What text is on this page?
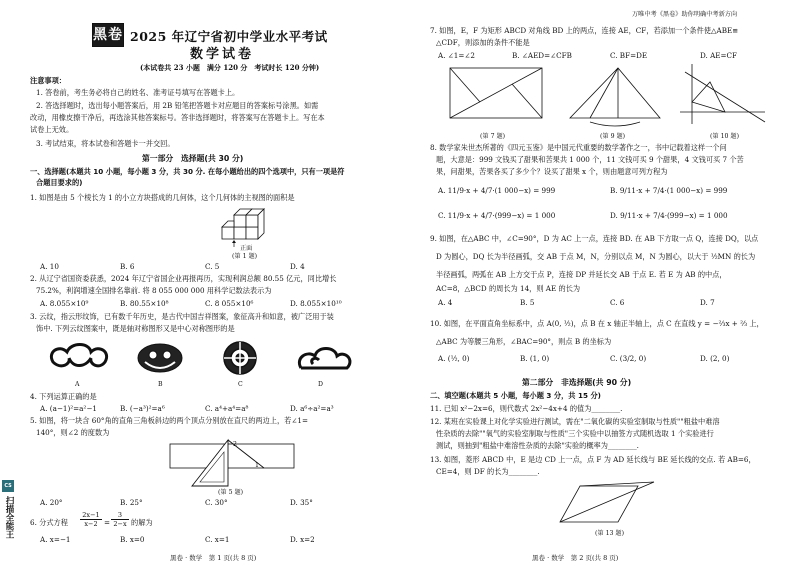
黑卷 2025 年辽宁省初中学业水平考试
数学试卷
(本试卷共 23 小题　满分 120 分　考试时长 120 分钟)
注意事项：
1. 答卷前，考生务必将自己的姓名、准考证号填写在答题卡上。
2. 答选择题时，选出每小题答案后，用 2B 铅笔把答题卡对应题目的答案标号涂黑。如需
改动，用橡皮擦干净后，再选涂其他答案标号。答非选择题时，将答案写在答题卡上。写在本
试卷上无效。
3. 考试结束，将本试卷和答题卡一并交回。
第一部分　选择题(共 30 分)
一、选择题(本题共 10 小题，每小题 3 分，共 30 分. 在每小题给出的四个选项中，只有一项是符
合题目要求的)
1. 如图是由 5 个棱长为 1 的小立方块搭成的几何体，这个几何体的主视图的面积是
正面
(第 1 题)
A. 10	B. 6	C. 5	D. 4
2. 从辽宁省国资委获悉，2024 年辽宁省国企业再报再历，实现利润总额 80.55 亿元，同比增长
75.2%，利润增速全国排名靠前. 将 8 055 000 000 用科学记数法表示为
A. 8.055×10⁹	B. 80.55×10⁸	C. 8 055×10⁶	D. 8.055×10¹⁰
3. 云纹，指云形纹饰，已有数千年历史，是古代中国吉祥图案，象征高升和如意，被广泛用于装
饰中. 下列云纹图案中，既是轴对称图形又是中心对称图形的是
A	B	C	D
4. 下列运算正确的是
A. (a−1)²=a²−1	B. (−a³)²=a⁶	C. a⁴+a⁴=a⁸	D. a⁶÷a²=a³
5. 如图，将一块含 60°角的直角三角板斜边的两个顶点分别放在直尺的两边上，若∠1=
140°，则∠2 的度数为
2
1
(第 5 题)
A. 20°	B. 25°	C. 30°	D. 35°
6. 分式方程
2x−1
x−2 =
3
2−x 的解为
A. x=−1	B. x=0	C. x=1	D. x=2
黑卷 · 数学　第 1 页(共 8 页)
CS
扫描全能王
万唯中考《黑卷》助你明确中考新方向
7. 如图，E，F 为矩形 ABCD 对角线 BD 上的两点，连接 AE，CF，若添加一个条件使△ABE≌
△CDF，则添加的条件不能是
A. ∠1=∠2	B. ∠AED=∠CFB	C. BF=DE	D. AE=CF
(第 7 题)	(第 9 题)	(第 10 题)
8. 数学家朱世杰所著的《四元玉鉴》是中国元代重要的数学著作之一，书中记载着这样一个问
题，大意是：999 文钱买了甜果和苦果共 1 000 个，11 文钱可买 9 个甜果，4 文钱可买 7 个苦
果，问甜果，苦果各买了多少个？设买了甜果 x 个，则由题意可列方程为
A. 11/9·x + 4/7·(1 000−x) = 999	B. 9/11·x + 7/4·(1 000−x) = 999
C. 11/9·x + 4/7·(999−x) = 1 000	D. 9/11·x + 7/4·(999−x) = 1 000
9. 如图，在△ABC 中，∠C=90°，D 为 AC 上一点，连接 BD. 在 AB 下方取一点 Q，连接 DQ，以点
D 为圆心，DQ 长为半径画弧，交 AB 于点 M，N，分别以点 M，N 为圆心，以大于 ½MN 的长为
半径画弧，两弧在 AB 上方交于点 P，连接 DP 并延长交 AB 于点 E. 若 E 为 AB 的中点，
AC=8，△BCD 的周长为 14，则 AE 的长为
A. 4	B. 5	C. 6	D. 7
10. 如图，在平面直角坐标系中，点 A(0, ½)，点 B 在 x 轴正半轴上，点 C 在直线 y = −⅔x + ⅔ 上，
△ABC 为等腰三角形，∠BAC=90°，则点 B 的坐标为
A. (½, 0)	B. (1, 0)	C. (3/2, 0)	D. (2, 0)
第二部分　非选择题(共 90 分)
二、填空题(本题共 5 小题，每小题 3 分，共 15 分)
11. 已知 x²−2x=6，则代数式 2x²−4x+4 的值为________.
12. 某班在实验课上对化学实验进行测试，需在"二氧化碳的实验室制取与性质""粗盐中难溶
性杂质的去除""氧气的实验室制取与性质"三个实验中以抽签方式随机选取 1 个实验进行
测试，则抽到"粗盐中难溶性杂质的去除"实验的概率为________.
13. 如图，菱形 ABCD 中，E 是边 CD 上一点，点 F 为 AD 延长线与 BE 延长线的交点. 若 AB=6，
CE=4，则 DF 的长为________.
(第 13 题)
黑卷 · 数学　第 2 页(共 8 页)
